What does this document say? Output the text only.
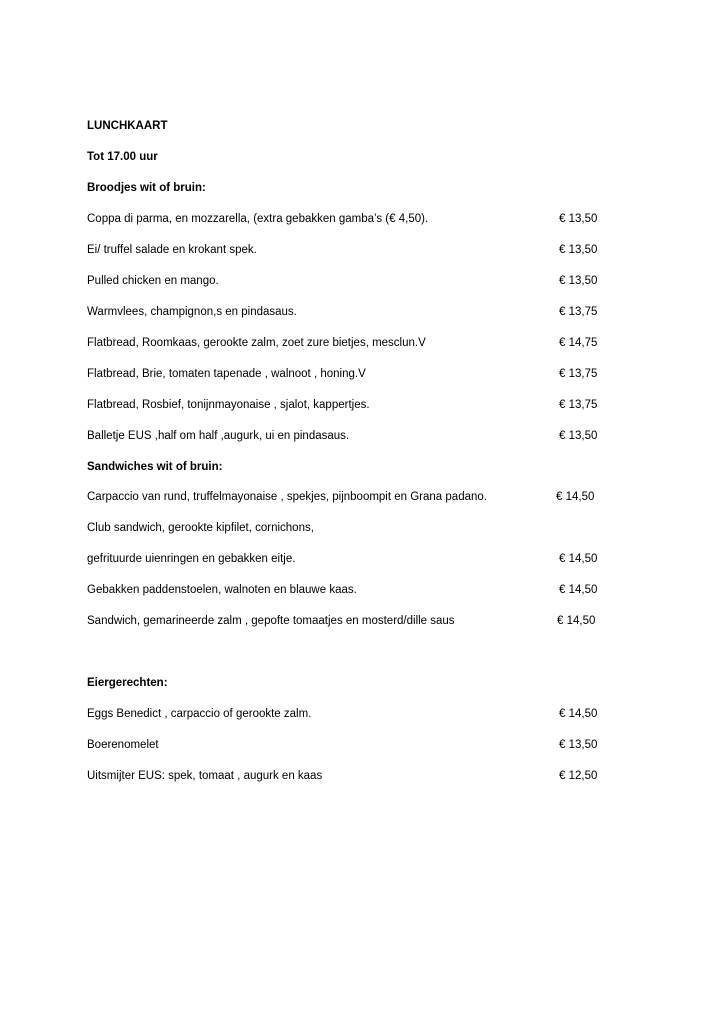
LUNCHKAART
Tot 17.00 uur
Broodjes wit of bruin:
Coppa di parma, en mozzarella, (extra gebakken gamba’s (€ 4,50).	€ 13,50
Ei/ truffel salade en krokant spek.	€ 13,50
Pulled chicken en mango.	€ 13,50
Warmvlees, champignon,s en pindasaus.	€ 13,75
Flatbread, Roomkaas, gerookte zalm, zoet zure bietjes, mesclun.V	€ 14,75
Flatbread, Brie, tomaten tapenade , walnoot , honing.V	€ 13,75
Flatbread, Rosbief, tonijnmayonaise , sjalot, kappertjes.	€ 13,75
Balletje EUS ,half om half ,augurk, ui en pindasaus.	€ 13,50
Sandwiches wit of bruin:
Carpaccio van rund, truffelmayonaise , spekjes, pijnboompit en Grana padano.	€ 14,50
Club sandwich, gerookte kipfilet, cornichons,
gefrituurde uienringen en gebakken eitje.	€ 14,50
Gebakken paddenstoelen, walnoten en blauwe kaas.	€ 14,50
Sandwich, gemarineerde zalm , gepofte tomaatjes en mosterd/dille saus	€ 14,50
Eiergerechten:
Eggs Benedict , carpaccio of gerookte zalm.	€ 14,50
Boerenomelet	€ 13,50
Uitsmijter EUS: spek, tomaat , augurk en kaas	€ 12,50
